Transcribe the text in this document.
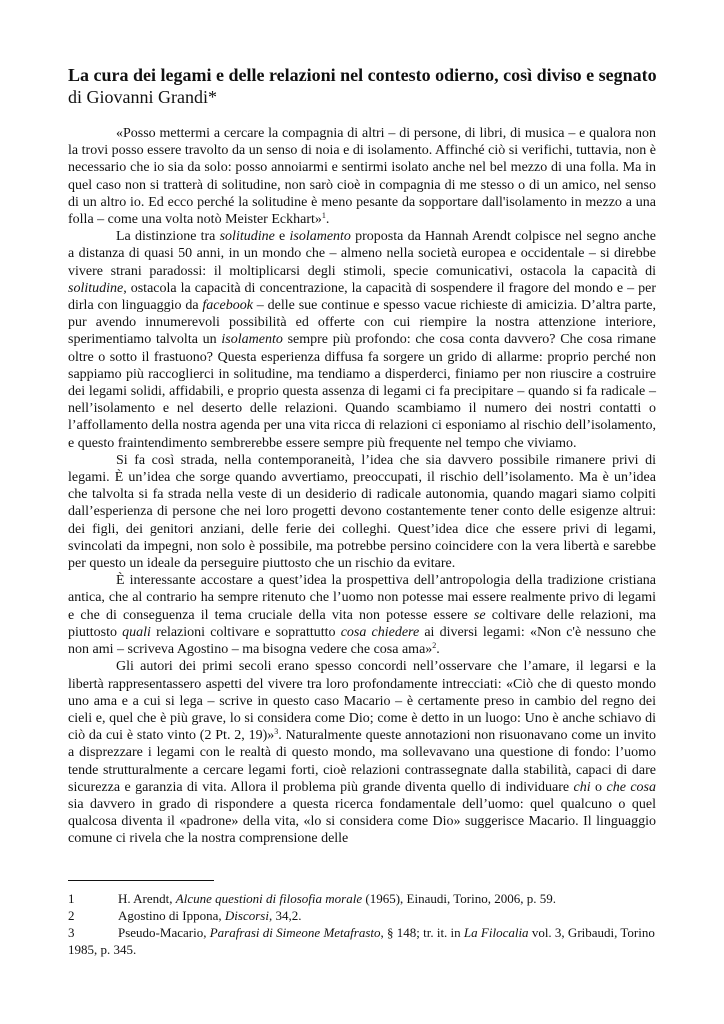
La cura dei legami e delle relazioni nel contesto odierno, così diviso e segnato
di Giovanni Grandi*

«Posso mettermi a cercare la compagnia di altri – di persone, di libri, di musica – e qualora non la trovi posso essere travolto da un senso di noia e di isolamento. Affinché ciò si verifichi, tuttavia, non è necessario che io sia da solo: posso annoiarmi e sentirmi isolato anche nel bel mezzo di una folla. Ma in quel caso non si tratterà di solitudine, non sarò cioè in compagnia di me stesso o di un amico, nel senso di un altro io. Ed ecco perché la solitudine è meno pesante da sopportare dall'isolamento in mezzo a una folla – come una volta notò Meister Eckhart»$^1$.

La distinzione tra solitudine e isolamento proposta da Hannah Arendt colpisce nel segno anche a distanza di quasi 50 anni, in un mondo che – almeno nella società europea e occidentale – si direbbe vivere strani paradossi: il moltiplicarsi degli stimoli, specie comunicativi, ostacola la capacità di solitudine, ostacola la capacità di concentrazione, la capacità di sospendere il fragore del mondo e – per dirla con linguaggio da facebook – delle sue continue e spesso vacue richieste di amicizia. D’altra parte, pur avendo innumerevoli possibilità ed offerte con cui riempire la nostra attenzione interiore, sperimentiamo talvolta un isolamento sempre più profondo: che cosa conta davvero? Che cosa rimane oltre o sotto il frastuono? Questa esperienza diffusa fa sorgere un grido di allarme: proprio perché non sappiamo più raccoglierci in solitudine, ma tendiamo a disperderci, finiamo per non riuscire a costruire dei legami solidi, affidabili, e proprio questa assenza di legami ci fa precipitare – quando si fa radicale – nell’isolamento e nel deserto delle relazioni. Quando scambiamo il numero dei nostri contatti o l’affollamento della nostra agenda per una vita ricca di relazioni ci esponiamo al rischio dell’isolamento, e questo fraintendimento sembrerebbe essere sempre più frequente nel tempo che viviamo.

Si fa così strada, nella contemporaneità, l’idea che sia davvero possibile rimanere privi di legami. È un’idea che sorge quando avvertiamo, preoccupati, il rischio dell’isolamento. Ma è un’idea che talvolta si fa strada nella veste di un desiderio di radicale autonomia, quando magari siamo colpiti dall’esperienza di persone che nei loro progetti devono costantemente tener conto delle esigenze altrui: dei figli, dei genitori anziani, delle ferie dei colleghi. Quest’idea dice che essere privi di legami, svincolati da impegni, non solo è possibile, ma potrebbe persino coincidere con la vera libertà e sarebbe per questo un ideale da perseguire piuttosto che un rischio da evitare.

È interessante accostare a quest’idea la prospettiva dell’antropologia della tradizione cristiana antica, che al contrario ha sempre ritenuto che l’uomo non potesse mai essere realmente privo di legami e che di conseguenza il tema cruciale della vita non potesse essere se coltivare delle relazioni, ma piuttosto quali relazioni coltivare e soprattutto cosa chiedere ai diversi legami: «Non c'è nessuno che non ami – scriveva Agostino – ma bisogna vedere che cosa ama»$^2$.

Gli autori dei primi secoli erano spesso concordi nell’osservare che l’amare, il legarsi e la libertà rappresentassero aspetti del vivere tra loro profondamente intrecciati: «Ciò che di questo mondo uno ama e a cui si lega – scrive in questo caso Macario – è certamente preso in cambio del regno dei cieli e, quel che è più grave, lo si considera come Dio; come è detto in un luogo: Uno è anche schiavo di ciò da cui è stato vinto (2 Pt. 2, 19)»$^3$. Naturalmente queste annotazioni non risuonavano come un invito a disprezzare i legami con le realtà di questo mondo, ma sollevavano una questione di fondo: l’uomo tende strutturalmente a cercare legami forti, cioè relazioni contrassegnate dalla stabilità, capaci di dare sicurezza e garanzia di vita. Allora il problema più grande diventa quello di individuare chi o che cosa sia davvero in grado di rispondere a questa ricerca fondamentale dell’uomo: quel qualcuno o quel qualcosa diventa il «padrone» della vita, «lo si considera come Dio» suggerisce Macario. Il linguaggio comune ci rivela che la nostra comprensione delle

1	H. Arendt, Alcune questioni di filosofia morale (1965), Einaudi, Torino, 2006, p. 59.
2	Agostino di Ippona, Discorsi, 34,2.
3	Pseudo-Macario, Parafrasi di Simeone Metafrasto, § 148; tr. it. in La Filocalia vol. 3, Gribaudi, Torino 1985, p. 345.
